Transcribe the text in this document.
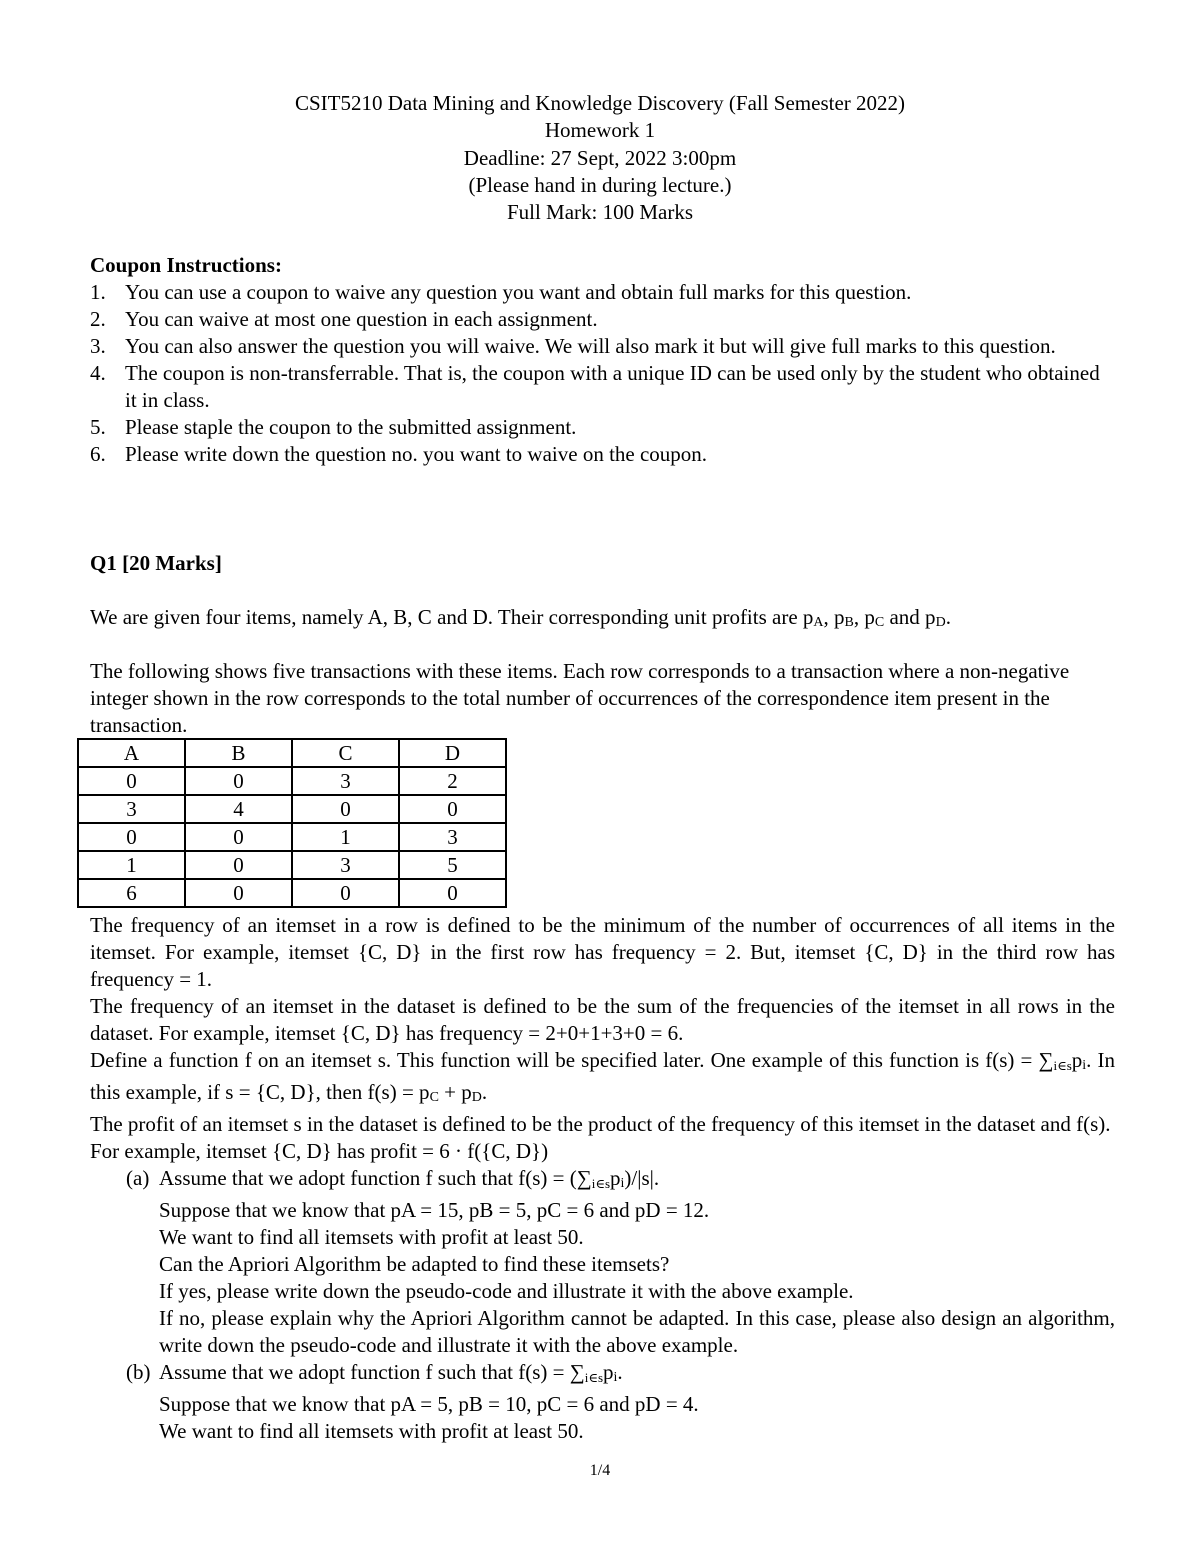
CSIT5210 Data Mining and Knowledge Discovery (Fall Semester 2022)
Homework 1
Deadline: 27 Sept, 2022 3:00pm
(Please hand in during lecture.)
Full Mark: 100 Marks
Coupon Instructions:
1. You can use a coupon to waive any question you want and obtain full marks for this question.
2. You can waive at most one question in each assignment.
3. You can also answer the question you will waive. We will also mark it but will give full marks to this question.
4. The coupon is non-transferrable. That is, the coupon with a unique ID can be used only by the student who obtained it in class.
5. Please staple the coupon to the submitted assignment.
6. Please write down the question no. you want to waive on the coupon.
Q1 [20 Marks]
We are given four items, namely A, B, C and D. Their corresponding unit profits are pA, pB, pC and pD.
The following shows five transactions with these items. Each row corresponds to a transaction where a non-negative integer shown in the row corresponds to the total number of occurrences of the correspondence item present in the transaction.
A	B	C	D
0	0	3	2
3	4	0	0
0	0	1	3
1	0	3	5
6	0	0	0
The frequency of an itemset in a row is defined to be the minimum of the number of occurrences of all items in the itemset. For example, itemset {C, D} in the first row has frequency = 2. But, itemset {C, D} in the third row has frequency = 1.
The frequency of an itemset in the dataset is defined to be the sum of the frequencies of the itemset in all rows in the dataset. For example, itemset {C, D} has frequency = 2+0+1+3+0 = 6.
Define a function f on an itemset s. This function will be specified later. One example of this function is f(s) = ∑i∈spi. In this example, if s = {C, D}, then f(s) = pC + pD.
The profit of an itemset s in the dataset is defined to be the product of the frequency of this itemset in the dataset and f(s).
For example, itemset {C, D} has profit = 6 · f({C, D})
(a) Assume that we adopt function f such that f(s) = (∑i∈spi)/|s|.
Suppose that we know that pA = 15, pB = 5, pC = 6 and pD = 12.
We want to find all itemsets with profit at least 50.
Can the Apriori Algorithm be adapted to find these itemsets?
If yes, please write down the pseudo-code and illustrate it with the above example.
If no, please explain why the Apriori Algorithm cannot be adapted. In this case, please also design an algorithm, write down the pseudo-code and illustrate it with the above example.
(b) Assume that we adopt function f such that f(s) = ∑i∈spi.
Suppose that we know that pA = 5, pB = 10, pC = 6 and pD = 4.
We want to find all itemsets with profit at least 50.
1/4
